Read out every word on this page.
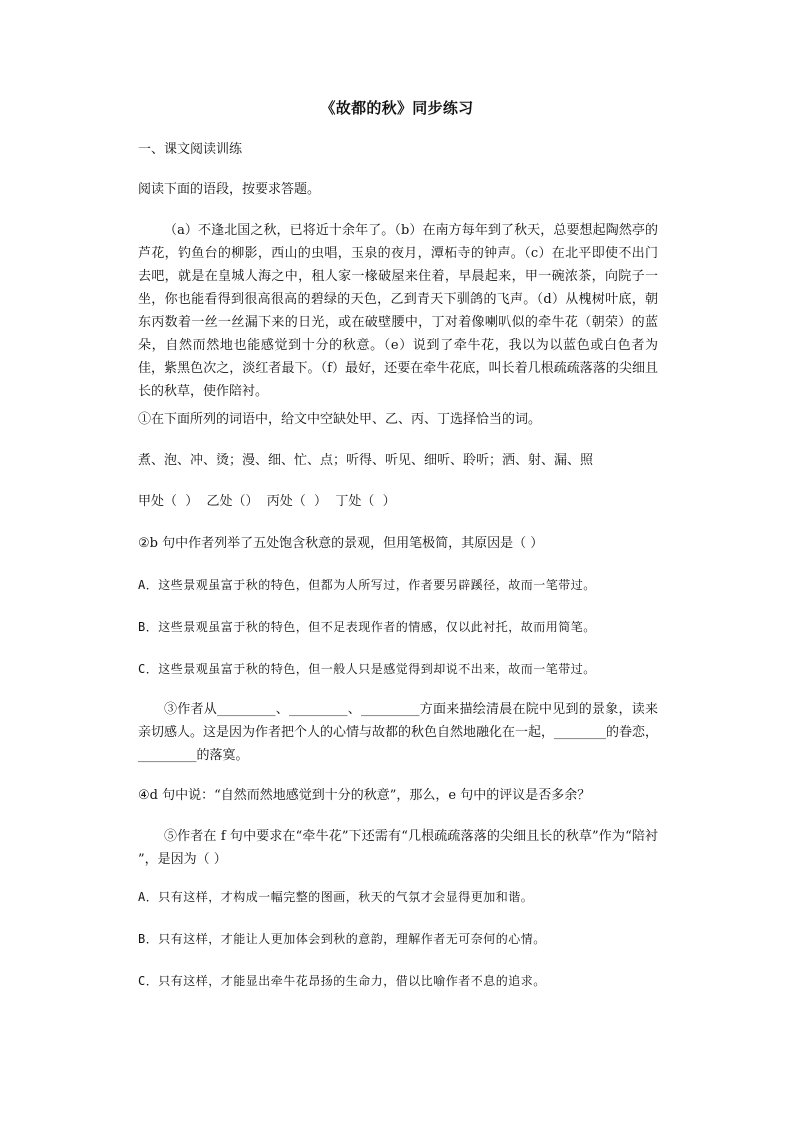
《故都的秋》同步练习
一、课文阅读训练
阅读下面的语段，按要求答题。
（a）不逢北国之秋，已将近十余年了。（b）在南方每年到了秋天，总要想起陶然亭的芦花，钓鱼台的柳影，西山的虫唱，玉泉的夜月，潭柘寺的钟声。（c）在北平即使不出门去吧，就是在皇城人海之中，租人家一椽破屋来住着，早晨起来，甲一碗浓茶，向院子一坐，你也能看得到很高很高的碧绿的天色，乙到青天下驯鸽的飞声。（d）从槐树叶底，朝东丙数着一丝一丝漏下来的日光，或在破壁腰中，丁对着像喇叭似的牵牛花（朝荣）的蓝朵，自然而然地也能感觉到十分的秋意。（e）说到了牵牛花，我以为以蓝色或白色者为佳，紫黑色次之，淡红者最下。（f）最好，还要在牵牛花底，叫长着几根疏疏落落的尖细且长的秋草，使作陪衬。
①在下面所列的词语中，给文中空缺处甲、乙、丙、丁选择恰当的词。
煮、泡、冲、烫；漫、细、忙、点；听得、听见、细听、聆听；洒、射、漏、照
甲处（  ）  乙处（）  丙处（  ）  丁处（  ）
②b 句中作者列举了五处饱含秋意的景观，但用笔极简，其原因是（ ）
A．这些景观虽富于秋的特色，但都为人所写过，作者要另辟蹊径，故而一笔带过。
B．这些景观虽富于秋的特色，但不足表现作者的情感，仅以此衬托，故而用简笔。
C．这些景观虽富于秋的特色，但一般人只是感觉得到却说不出来，故而一笔带过。
③作者从_________、_________、_________方面来描绘清晨在院中见到的景象，读来亲切感人。这是因为作者把个人的心情与故都的秋色自然地融化在一起，________的眷恋，_________的落寞。
④d 句中说：“自然而然地感觉到十分的秋意”，那么，e 句中的评议是否多余？
⑤作者在 f 句中要求在“牵牛花”下还需有“几根疏疏落落的尖细且长的秋草”作为“陪衬 ”，是因为（ ）
A．只有这样，才构成一幅完整的图画，秋天的气氛才会显得更加和谐。
B．只有这样，才能让人更加体会到秋的意韵，理解作者无可奈何的心情。
C．只有这样，才能显出牵牛花昂扬的生命力，借以比喻作者不息的追求。
